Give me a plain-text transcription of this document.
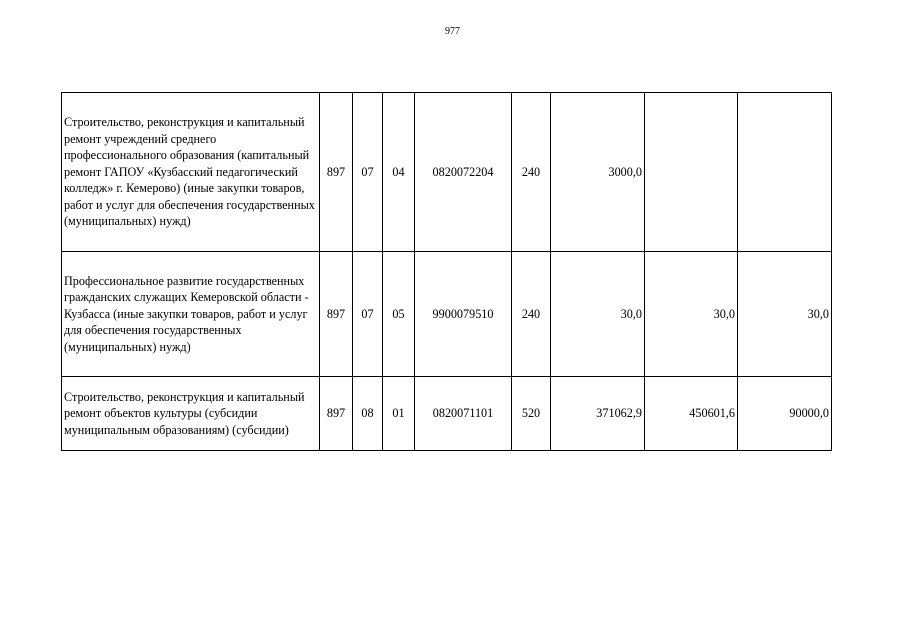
977
Строительство, реконструкция и капитальный ремонт учреждений среднего профессионального образования (капитальный ремонт ГАПОУ «Кузбасский педагогический колледж» г. Кемерово) (иные закупки товаров, работ и услуг для обеспечения государственных (муниципальных) нужд)	897	07	04	0820072204	240	3000,0		
Профессиональное развитие государственных гражданских служащих Кемеровской области - Кузбасса (иные закупки товаров, работ и услуг для обеспечения государственных (муниципальных) нужд)	897	07	05	9900079510	240	30,0	30,0	30,0
Строительство, реконструкция и капитальный ремонт объектов культуры (субсидии муниципальным образованиям) (субсидии)	897	08	01	0820071101	520	371062,9	450601,6	90000,0
